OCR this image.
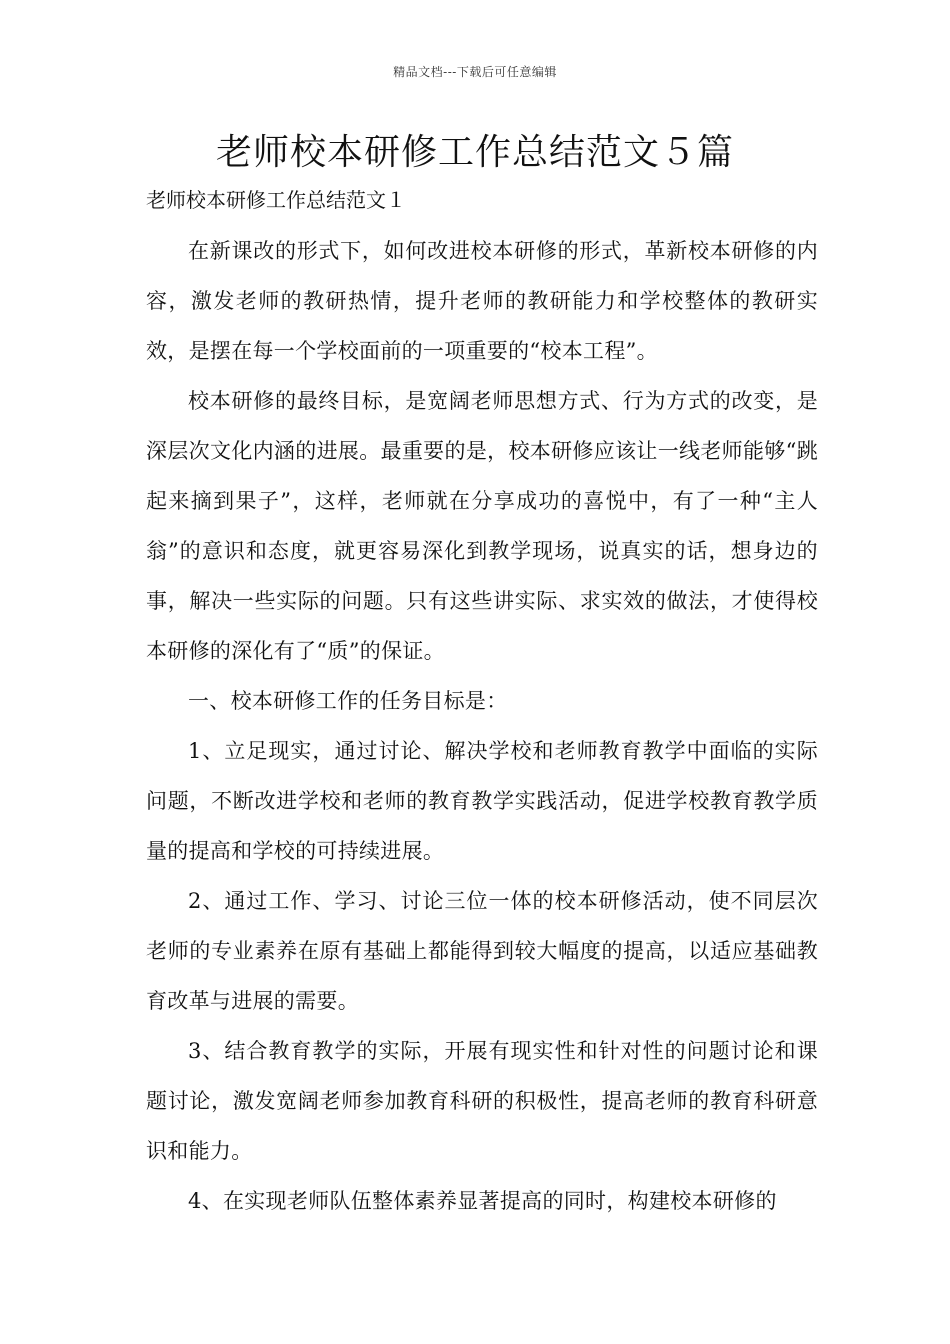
精品文档---下载后可任意编辑
老师校本研修工作总结范文５篇

老师校本研修工作总结范文１

在新课改的形式下，如何改进校本研修的形式，革新校本研修的内容，激发老师的教研热情，提升老师的教研能力和学校整体的教研实效，是摆在每一个学校面前的一项重要的“校本工程”。

校本研修的最终目标，是宽阔老师思想方式、行为方式的改变，是深层次文化内涵的进展。最重要的是，校本研修应该让一线老师能够“跳起来摘到果子”，这样，老师就在分享成功的喜悦中，有了一种“主人翁”的意识和态度，就更容易深化到教学现场，说真实的话，想身边的事，解决一些实际的问题。只有这些讲实际、求实效的做法，才使得校本研修的深化有了“质”的保证。

一、校本研修工作的任务目标是：

1、立足现实，通过讨论、解决学校和老师教育教学中面临的实际问题，不断改进学校和老师的教育教学实践活动，促进学校教育教学质量的提高和学校的可持续进展。

2、通过工作、学习、讨论三位一体的校本研修活动，使不同层次老师的专业素养在原有基础上都能得到较大幅度的提高，以适应基础教育改革与进展的需要。

3、结合教育教学的实际，开展有现实性和针对性的问题讨论和课题讨论，激发宽阔老师参加教育科研的积极性，提高老师的教育科研意识和能力。

4、在实现老师队伍整体素养显著提高的同时，构建校本研修的
